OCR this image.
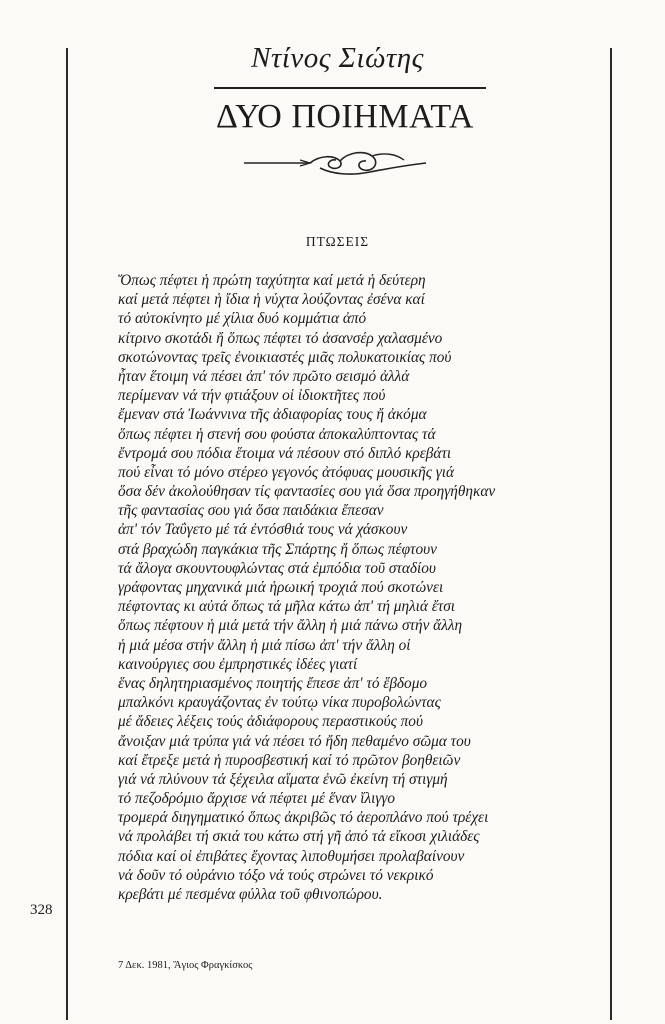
Ντίνος Σιώτης
ΔΥΟ ΠΟΙΗΜΑΤΑ
ΠΤΩΣΕΙΣ
Ὅπως πέφτει ἡ πρώτη ταχύτητα καί μετά ἡ δεύτερη
καί μετά πέφτει ἡ ἴδια ἡ νύχτα λούζοντας ἐσένα καί
τό αὐτοκίνητο μέ χίλια δυό κομμάτια ἀπό
κίτρινο σκοτάδι ἤ ὅπως πέφτει τό ἀσανσέρ χαλασμένο
σκοτώνοντας τρεῖς ἐνοικιαστές μιᾶς πολυκατοικίας πού
ἦταν ἕτοιμη νά πέσει ἀπ' τόν πρῶτο σεισμό ἀλλά
περίμεναν νά τήν φτιάξουν οἱ ἰδιοκτῆτες πού
ἔμεναν στά Ἰωάννινα τῆς ἀδιαφορίας τους ἤ ἀκόμα
ὅπως πέφτει ἡ στενή σου φούστα ἀποκαλύπτοντας τά
ἔντρομά σου πόδια ἕτοιμα νά πέσουν στό διπλό κρεβάτι
πού εἶναι τό μόνο στέρεο γεγονός ἀτόφυας μουσικῆς γιά
ὅσα δέν ἀκολούθησαν τίς φαντασίες σου γιά ὅσα προηγήθηκαν
τῆς φαντασίας σου γιά ὅσα παιδάκια ἔπεσαν
ἀπ' τόν Ταΰγετο μέ τά ἐντόσθιά τους νά χάσκουν
στά βραχώδη παγκάκια τῆς Σπάρτης ἤ ὅπως πέφτουν
τά ἄλογα σκουντουφλώντας στά ἐμπόδια τοῦ σταδίου
γράφοντας μηχανικά μιά ἡρωική τροχιά πού σκοτώνει
πέφτοντας κι αὐτά ὅπως τά μῆλα κάτω ἀπ' τή μηλιά ἔτσι
ὅπως πέφτουν ἡ μιά μετά τήν ἄλλη ἡ μιά πάνω στήν ἄλλη
ἡ μιά μέσα στήν ἄλλη ἡ μιά πίσω ἀπ' τήν ἄλλη οἱ
καινούργιες σου ἐμπρηστικές ἰδέες γιατί
ἕνας δηλητηριασμένος ποιητής ἔπεσε ἀπ' τό ἕβδομο
μπαλκόνι κραυγάζοντας ἐν τούτῳ νίκα πυροβολώντας
μέ ἄδειες λέξεις τούς ἀδιάφορους περαστικούς πού
ἄνοιξαν μιά τρύπα γιά νά πέσει τό ἤδη πεθαμένο σῶμα του
καί ἔτρεξε μετά ἡ πυροσβεστική καί τό πρῶτον βοηθειῶν
γιά νά πλύνουν τά ξέχειλα αἵματα ἐνῶ ἐκείνη τή στιγμή
τό πεζοδρόμιο ἄρχισε νά πέφτει μέ ἕναν ἴλιγγο
τρομερά διηγηματικό ὅπως ἀκριβῶς τό ἀεροπλάνο πού τρέχει
νά προλάβει τή σκιά του κάτω στή γῆ ἀπό τά εἴκοσι χιλιάδες
πόδια καί οἱ ἐπιβάτες ἔχοντας λιποθυμήσει προλαβαίνουν
νά δοῦν τό οὐράνιο τόξο νά τούς στρώνει τό νεκρικό
κρεβάτι μέ πεσμένα φύλλα τοῦ φθινοπώρου.
328
7 Δεκ. 1981, Ἅγιος Φραγκίσκος
